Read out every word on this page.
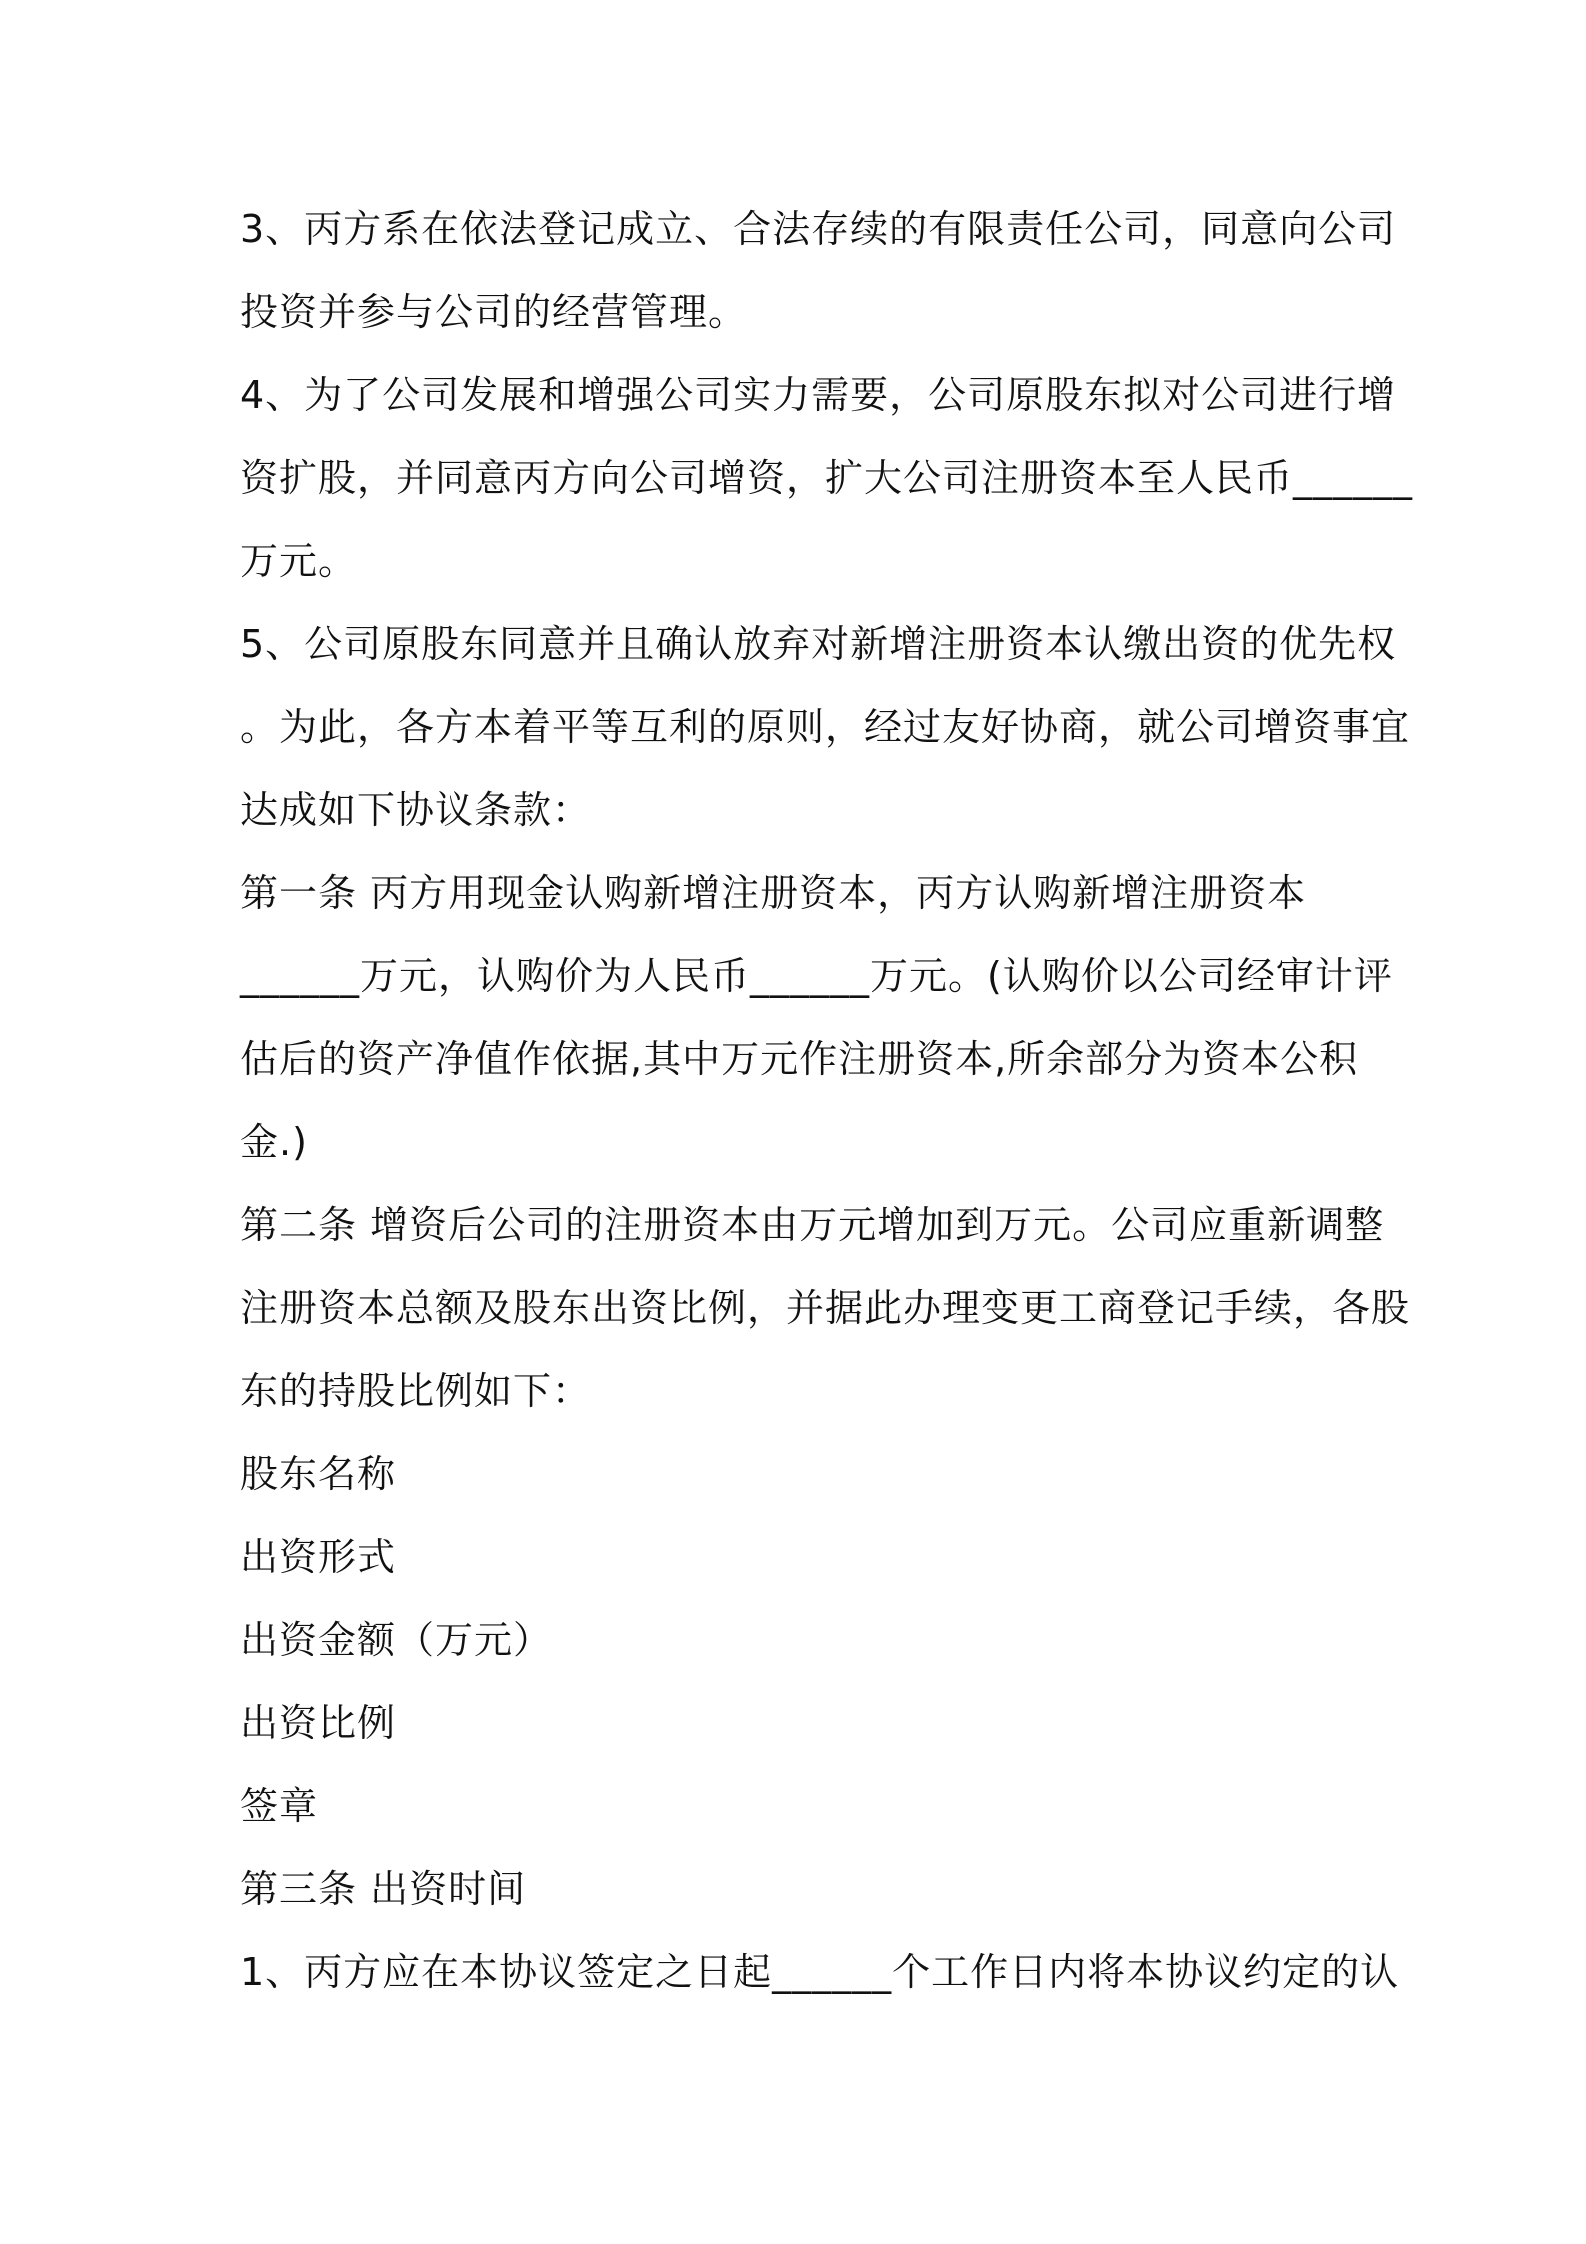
3、丙方系在依法登记成立、合法存续的有限责任公司，同意向公司
投资并参与公司的经营管理。
4、为了公司发展和增强公司实力需要，公司原股东拟对公司进行增
资扩股，并同意丙方向公司增资，扩大公司注册资本至人民币______
万元。
5、公司原股东同意并且确认放弃对新增注册资本认缴出资的优先权
。为此，各方本着平等互利的原则，经过友好协商，就公司增资事宜
达成如下协议条款：
第一条 丙方用现金认购新增注册资本，丙方认购新增注册资本
______万元，认购价为人民币______万元。(认购价以公司经审计评
估后的资产净值作依据,其中万元作注册资本,所余部分为资本公积
金.)
第二条 增资后公司的注册资本由万元增加到万元。公司应重新调整
注册资本总额及股东出资比例，并据此办理变更工商登记手续，各股
东的持股比例如下：
股东名称
出资形式
出资金额（万元）
出资比例
签章
第三条 出资时间
1、丙方应在本协议签定之日起______个工作日内将本协议约定的认
